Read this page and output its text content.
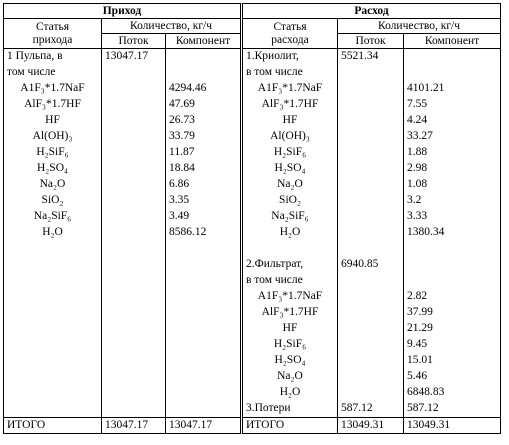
Приход			Расход		
Статья
прихода	Количество, кг/ч		Статья
расхода	Количество, кг/ч	
	Поток	Компонент		Поток	Компонент
1 Пульпа, в	13047.17		1.Криолит,	5521.34	
том числе			в том числе		
A1F₃*1.7NaF		4294.46	A1F₃*1.7NaF		4101.21
AlF₃*1.7HF		47.69	AlF₃*1.7HF		7.55
HF		26.73	HF		4.24
Al(OH)₃		33.79	Al(OH)₃		33.27
H₂SiF₆		11.87	H₂SiF₆		1.88
H₂SO₄		18.84	H₂SO₄		2.98
Na₂O		6.86	Na₂O		1.08
SiO₂		3.35	SiO₂		3.2
Na₂SiF₆		3.49	Na₂SiF₆		3.33
H₂O		8586.12	H₂O		1380.34

			2.Фильтрат,	6940.85	
			в том числе		
			A1F₃*1.7NaF		2.82
			AlF₃*1.7HF		37.99
			HF		21.29
			H₂SiF₆		9.45
			H₂SO₄		15.01
			Na₂O		5.46
			H₂O		6848.83
			3.Потери	587.12	587.12
ИТОГО	13047.17	13047.17	ИТОГО	13049.31	13049.31
